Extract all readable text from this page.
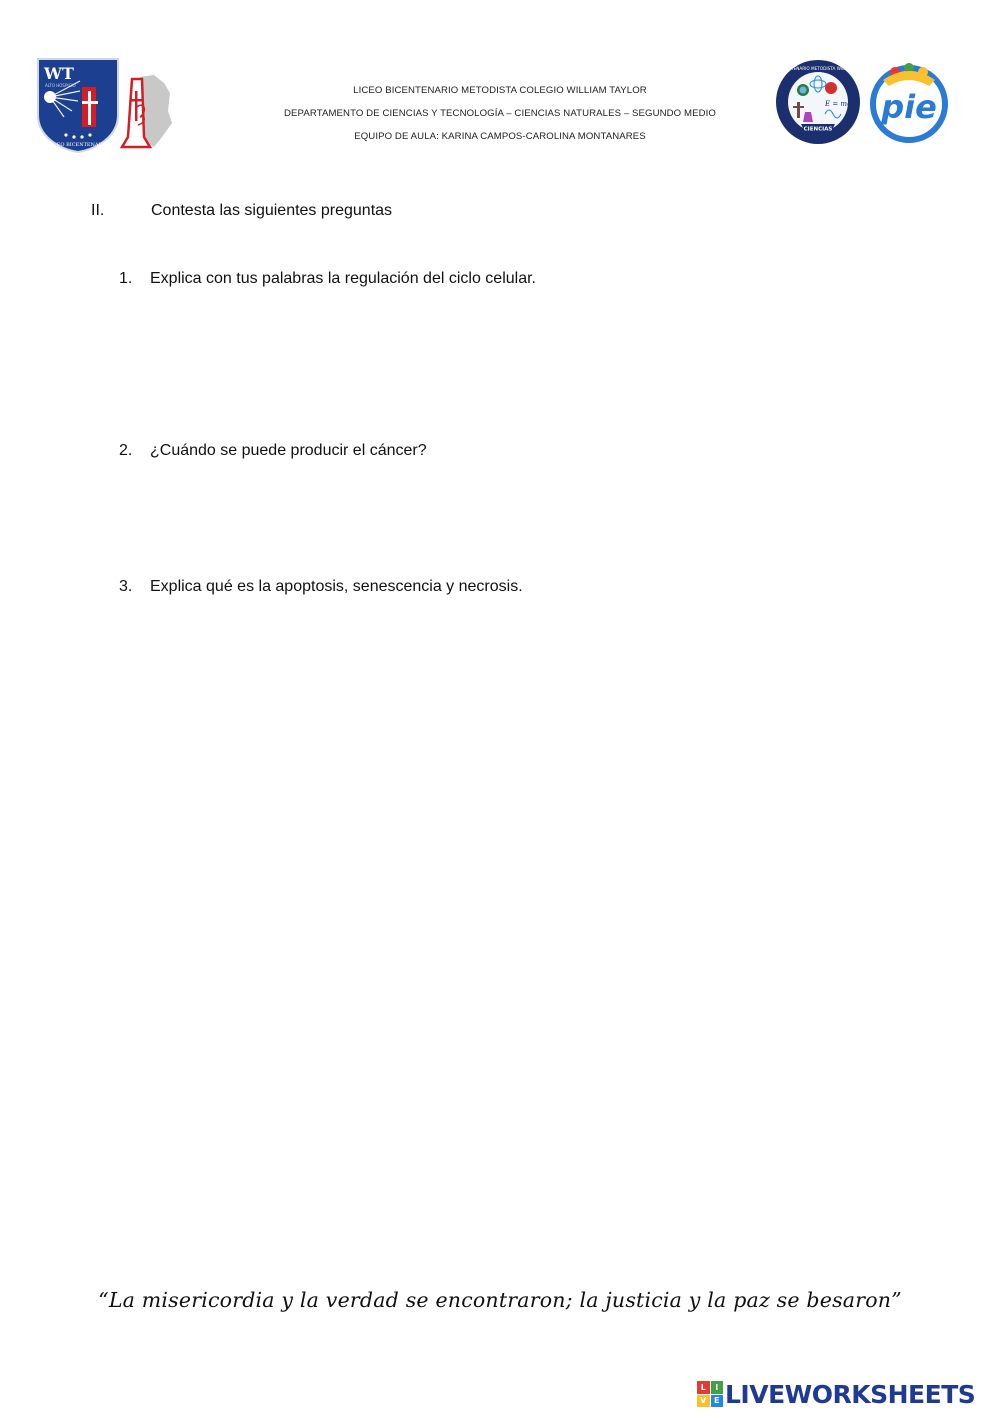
WT
ALTO HOSPICIO
LICEO BICENTENARIO
LICEO BICENTENARIO METODISTA COLEGIO WILLIAM TAYLOR
DEPARTAMENTO DE CIENCIAS Y TECNOLOGÍA – CIENCIAS NATURALES – SEGUNDO MEDIO
EQUIPO DE AULA: KARINA CAMPOS-CAROLINA MONTANARES
LICEO BICENTENARIO METODISTA WILLIAM TAYLOR
E = mc²
CIENCIAS
pie
II.	Contesta las siguientes preguntas
1. Explica con tus palabras la regulación del ciclo celular.
2. ¿Cuándo se puede producir el cáncer?
3. Explica qué es la apoptosis, senescencia y necrosis.
“La misericordia y la verdad se encontraron; la justicia y la paz se besaron”
L	I
V E LIVEWORKSHEETS
